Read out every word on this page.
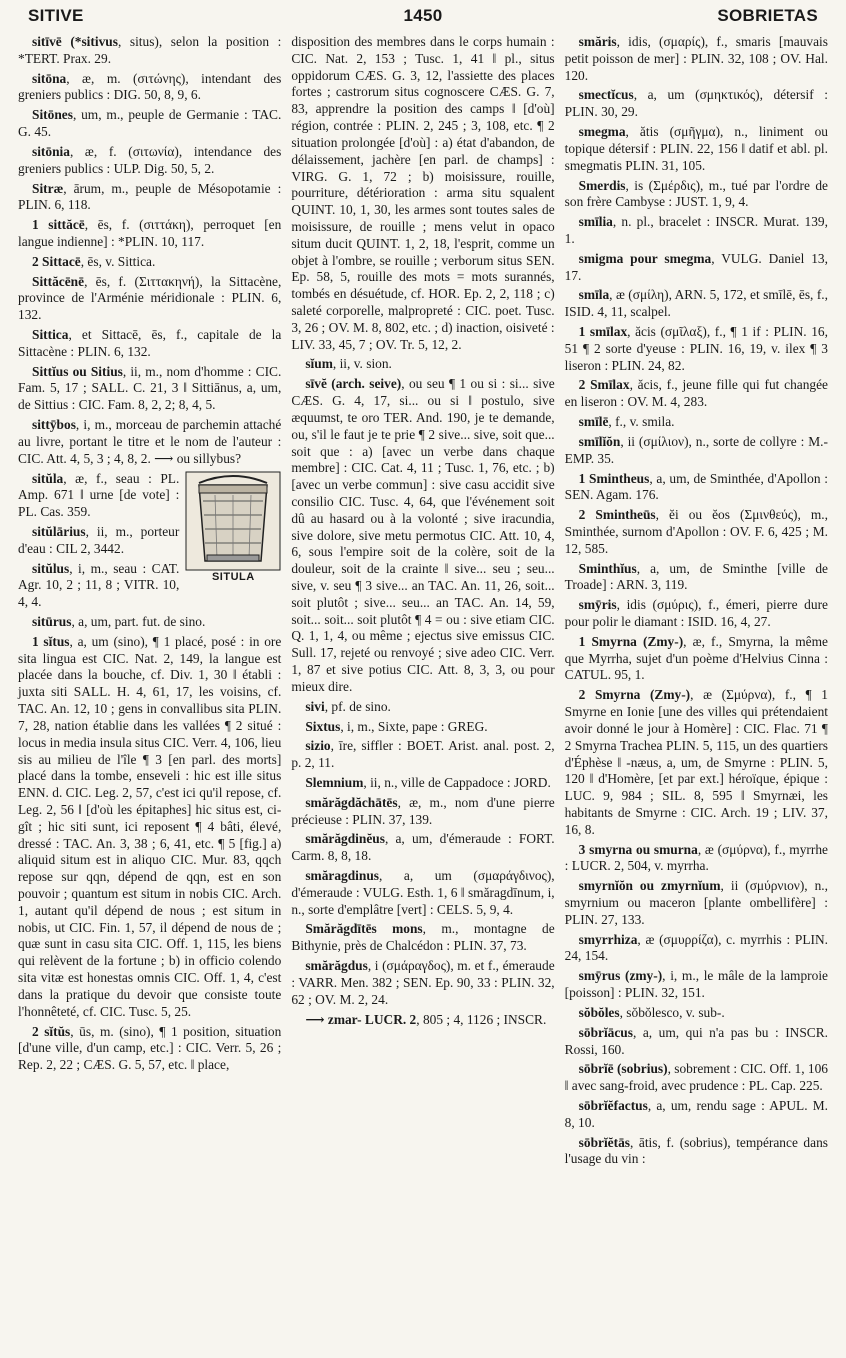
SITIVE	1450	SOBRIETAS

sitīvē (*sitivus, situs), selon la position : *TERT. Prax. 29.

sitōna, æ, m. (σιτώνης), intendant des greniers publics : DIG. 50, 8, 9, 6.

Sitōnes, um, m., peuple de Germanie : TAC. G. 45.

sitōnia, æ, f. (σιτωνία), intendance des greniers publics : ULP. Dig. 50, 5, 2.

Sitræ, ārum, m., peuple de Mésopotamie : PLIN. 6, 118.

1 sittăcē, ēs, f. (σιττάκη), perroquet [en langue indienne] : *PLIN. 10, 117.

2 Sittacē, ēs, v. Sittica.

Sittăcēnē, ēs, f. (Σιττακηνή), la Sittacène, province de l'Arménie méridionale : PLIN. 6, 132.

Sittica, et Sittacē, ēs, f., capitale de la Sittacène : PLIN. 6, 132.

Sittĭus ou Sitius, ii, m., nom d'homme : CIC. Fam. 5, 17 ; SALL. C. 21, 3 ‖ Sittiānus, a, um, de Sittius : CIC. Fam. 8, 2, 2; 8, 4, 5.

sittȳbos, i, m., morceau de parchemin attaché au livre, portant le titre et le nom de l'auteur : CIC. Att. 4, 5, 3 ; 4, 8, 2. ⟶ ou sillybus?

SITULA

sitŭla, æ, f., seau : PL. Amp. 671 ‖ urne [de vote] : PL. Cas. 359.

sitŭlārius, ii, m., porteur d'eau : CIL 2, 3442.

sitŭlus, i, m., seau : CAT. Agr. 10, 2 ; 11, 8 ; VITR. 10, 4, 4.

sitūrus, a, um, part. fut. de sino.

1 sĭtus, a, um (sino), ¶ 1 placé, posé : in ore sita lingua est CIC. Nat. 2, 149, la langue est placée dans la bouche, cf. Div. 1, 30 ‖ établi : juxta siti SALL. H. 4, 61, 17, les voisins, cf. TAC. An. 12, 10 ; gens in convallibus sita PLIN. 7, 28, nation établie dans les vallées ¶ 2 situé : locus in media insula situs CIC. Verr. 4, 106, lieu sis au milieu de l'île ¶ 3 [en parl. des morts] placé dans la tombe, enseveli : hic est ille situs ENN. d. CIC. Leg. 2, 57, c'est ici qu'il repose, cf. Leg. 2, 56 ‖ [d'où les épitaphes] hic situs est, ci-gît ; hic siti sunt, ici reposent ¶ 4 bâti, élevé, dressé : TAC. An. 3, 38 ; 6, 41, etc. ¶ 5 [fig.] a) aliquid situm est in aliquo CIC. Mur. 83, qqch repose sur qqn, dépend de qqn, est en son pouvoir ; quantum est situm in nobis CIC. Arch. 1, autant qu'il dépend de nous ; est situm in nobis, ut CIC. Fin. 1, 57, il dépend de nous de ; quæ sunt in casu sita CIC. Off. 1, 115, les biens qui relèvent de la fortune ; b) in officio colendo sita vitæ est honestas omnis CIC. Off. 1, 4, c'est dans la pratique du devoir que consiste toute l'honnêteté, cf. CIC. Tusc. 5, 25.

2 sĭtŭs, ūs, m. (sino), ¶ 1 position, situation [d'une ville, d'un camp, etc.] : CIC. Verr. 5, 26 ; Rep. 2, 22 ; CÆS. G. 5, 57, etc. ‖ place,

disposition des membres dans le corps humain : CIC. Nat. 2, 153 ; Tusc. 1, 41 ‖ pl., situs oppidorum CÆS. G. 3, 12, l'assiette des places fortes ; castrorum situs cognoscere CÆS. G. 7, 83, apprendre la position des camps ‖ [d'où] région, contrée : PLIN. 2, 245 ; 3, 108, etc. ¶ 2 situation prolongée [d'où] : a) état d'abandon, de délaissement, jachère [en parl. de champs] : VIRG. G. 1, 72 ; b) moisissure, rouille, pourriture, détérioration : arma situ squalent QUINT. 10, 1, 30, les armes sont toutes sales de moisissure, de rouille ; mens velut in opaco situm ducit QUINT. 1, 2, 18, l'esprit, comme un objet à l'ombre, se rouille ; verborum situs SEN. Ep. 58, 5, rouille des mots = mots surannés, tombés en désuétude, cf. HOR. Ep. 2, 2, 118 ; c) saleté corporelle, malpropreté : CIC. poet. Tusc. 3, 26 ; OV. M. 8, 802, etc. ; d) inaction, oisiveté : LIV. 33, 45, 7 ; OV. Tr. 5, 12, 2.

sĭum, ii, v. sion.

sīvĕ (arch. seive), ou seu ¶ 1 ou si : si... sive CÆS. G. 4, 17, si... ou si ‖ postulo, sive æquumst, te oro TER. And. 190, je te demande, ou, s'il le faut je te prie ¶ 2 sive... sive, soit que... soit que : a) [avec un verbe dans chaque membre] : CIC. Cat. 4, 11 ; Tusc. 1, 76, etc. ; b) [avec un verbe commun] : sive casu accidit sive consilio CIC. Tusc. 4, 64, que l'événement soit dû au hasard ou à la volonté ; sive iracundia, sive dolore, sive metu permotus CIC. Att. 10, 4, 6, sous l'empire soit de la colère, soit de la douleur, soit de la crainte ‖ sive... seu ; seu... sive, v. seu ¶ 3 sive... an TAC. An. 11, 26, soit... soit plutôt ; sive... seu... an TAC. An. 14, 59, soit... soit... soit plutôt ¶ 4 = ou : sive etiam CIC. Q. 1, 1, 4, ou même ; ejectus sive emissus CIC. Sull. 17, rejeté ou renvoyé ; sive adeo CIC. Verr. 1, 87 et sive potius CIC. Att. 8, 3, 3, ou pour mieux dire.

sivi, pf. de sino.

Sixtus, i, m., Sixte, pape : GREG.

sizio, īre, siffler : BOET. Arist. anal. post. 2, p. 2, 11.

Slemnium, ii, n., ville de Cappadoce : JORD.

smărăgdăchātēs, æ, m., nom d'une pierre précieuse : PLIN. 37, 139.

smărăgdinĕus, a, um, d'émeraude : FORT. Carm. 8, 8, 18.

smăragdinus, a, um (σμαράγδινος), d'émeraude : VULG. Esth. 1, 6 ‖ smăragdīnum, i, n., sorte d'emplâtre [vert] : CELS. 5, 9, 4.

Smărăgdītēs mons, m., montagne de Bithynie, près de Chalcédon : PLIN. 37, 73.

smărăgdus, i (σμάραγδος), m. et f., émeraude : VARR. Men. 382 ; SEN. Ep. 90, 33 : PLIN. 32, 62 ; OV. M. 2, 24.

⟶ zmar- LUCR. 2, 805 ; 4, 1126 ; INSCR.

smăris, idis, (σμαρίς), f., smaris [mauvais petit poisson de mer] : PLIN. 32, 108 ; OV. Hal. 120.

smectĭcus, a, um (σμηκτικός), détersif : PLIN. 30, 29.

smegma, ătis (σμῆγμα), n., liniment ou topique détersif : PLIN. 22, 156 ‖ datif et abl. pl. smegmatis PLIN. 31, 105.

Smerdis, is (Σμέρδις), m., tué par l'ordre de son frère Cambyse : JUST. 1, 9, 4.

smīlia, n. pl., bracelet : INSCR. Murat. 139, 1.

smigma pour smegma, VULG. Daniel 13, 17.

smīla, æ (σμίλη), ARN. 5, 172, et smīlē, ēs, f., ISID. 4, 11, scalpel.

1 smīlax, ăcis (σμῖλαξ), f., ¶ 1 if : PLIN. 16, 51 ¶ 2 sorte d'yeuse : PLIN. 16, 19, v. ilex ¶ 3 liseron : PLIN. 24, 82.

2 Smīlax, ăcis, f., jeune fille qui fut changée en liseron : OV. M. 4, 283.

smīlē, f., v. smila.

smīlĭŏn, ii (σμίλιον), n., sorte de collyre : M.-EMP. 35.

1 Smintheus, a, um, de Sminthée, d'Apollon : SEN. Agam. 176.

2 Smintheūs, ĕi ou ĕos (Σμινθεύς), m., Sminthée, surnom d'Apollon : OV. F. 6, 425 ; M. 12, 585.

Sminthĭus, a, um, de Sminthe [ville de Troade] : ARN. 3, 119.

smȳris, idis (σμύρις), f., émeri, pierre dure pour polir le diamant : ISID. 16, 4, 27.

1 Smyrna (Zmy-), æ, f., Smyrna, la même que Myrrha, sujet d'un poème d'Helvius Cinna : CATUL. 95, 1.

2 Smyrna (Zmy-), æ (Σμύρνα), f., ¶ 1 Smyrne en Ionie [une des villes qui prétendaient avoir donné le jour à Homère] : CIC. Flac. 71 ¶ 2 Smyrna Trachea PLIN. 5, 115, un des quartiers d'Éphèse ‖ -næus, a, um, de Smyrne : PLIN. 5, 120 ‖ d'Homère, [et par ext.] héroïque, épique : LUC. 9, 984 ; SIL. 8, 595 ‖ Smyrnæi, les habitants de Smyrne : CIC. Arch. 19 ; LIV. 37, 16, 8.

3 smyrna ou smurna, æ (σμύρνα), f., myrrhe : LUCR. 2, 504, v. myrrha.

smyrnĭŏn ou zmyrnĭum, ii (σμύρνιον), n., smyrnium ou maceron [plante ombellifère] : PLIN. 27, 133.

smyrrhiza, æ (σμυρρίζα), c. myrrhis : PLIN. 24, 154.

smȳrus (zmy-), i, m., le mâle de la lamproie [poisson] : PLIN. 32, 151.

sŏbŏles, sŏbŏlesco, v. sub-.

sōbrĭācus, a, um, qui n'a pas bu : INSCR. Rossi, 160.

sōbrĭē (sobrius), sobrement : CIC. Off. 1, 106 ‖ avec sang-froid, avec prudence : PL. Cap. 225.

sōbrĭĕfactus, a, um, rendu sage : APUL. M. 8, 10.

sōbrĭĕtās, ātis, f. (sobrius), tempérance dans l'usage du vin :
